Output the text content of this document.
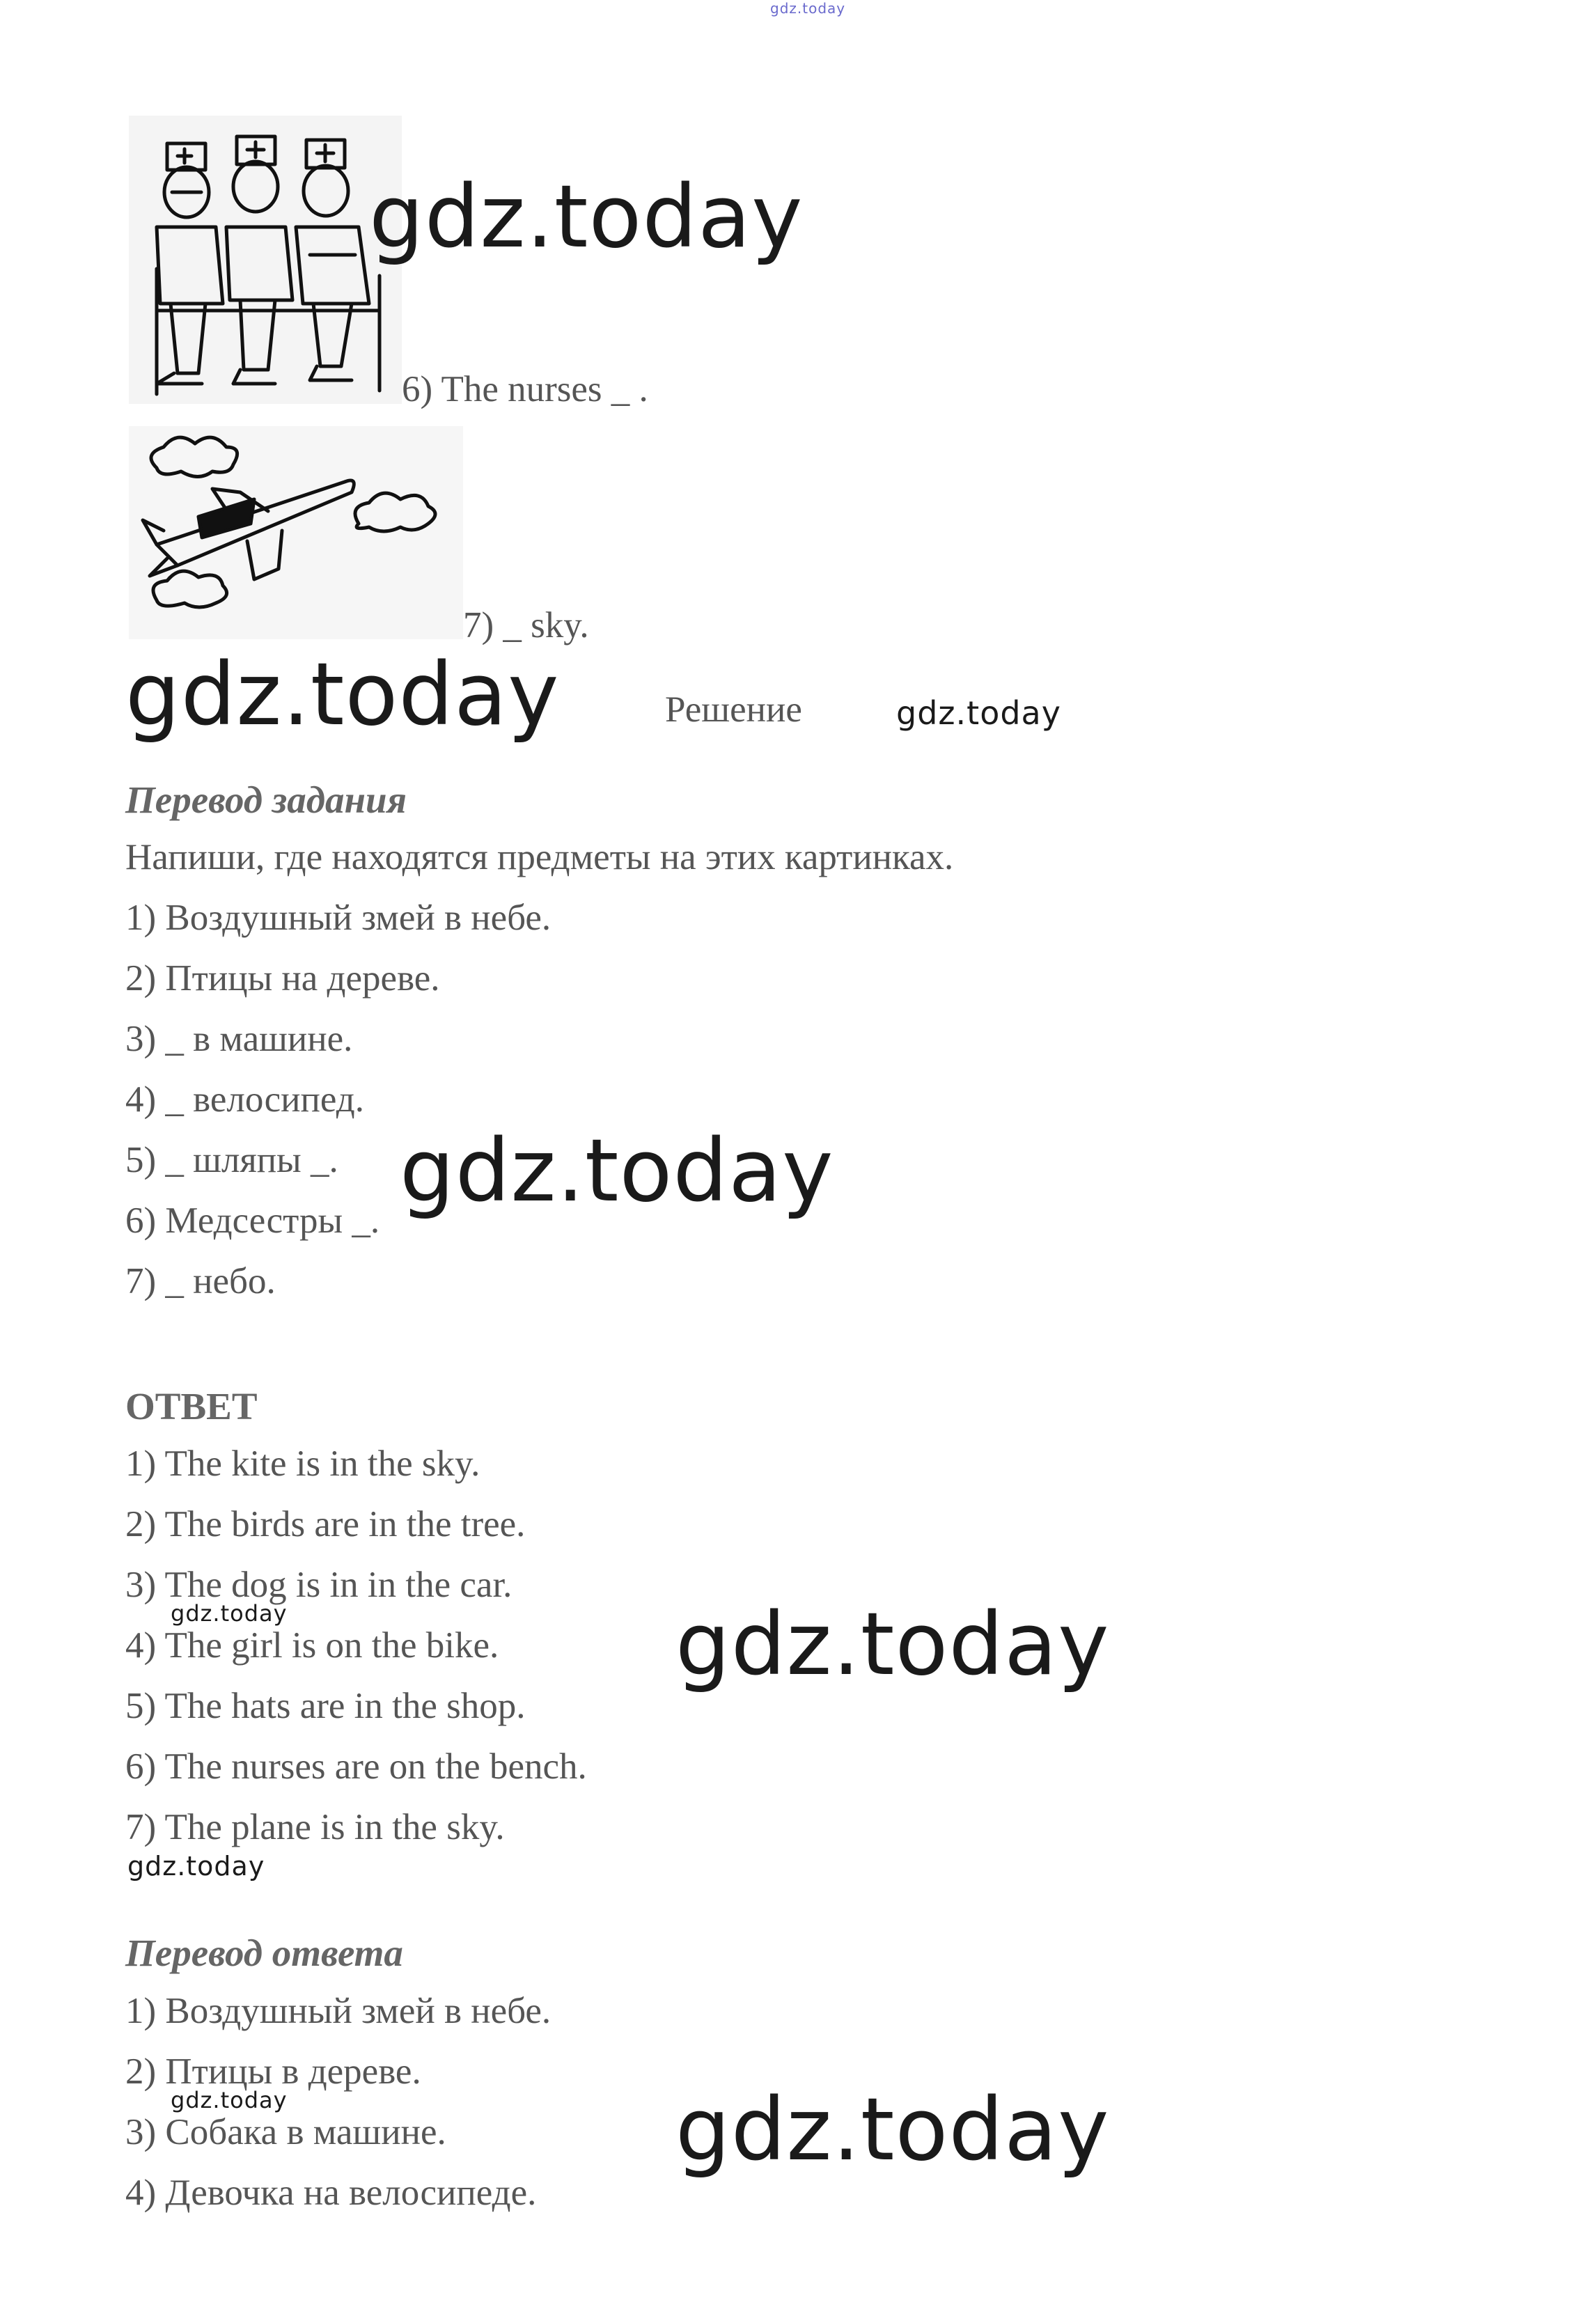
gdz.today
gdz.today
6) The nurses _ .
7) _ sky.
gdz.today	Решение	gdz.today
Перевод задания
Напиши, где находятся предметы на этих картинках.
1) Воздушный змей в небе.
2) Птицы на дереве.
3) _ в машине.
4) _ велосипед.
5) _ шляпы _.
6) Медсестры _.
7) _ небо.
gdz.today
ОТВЕТ
1) The kite is in the sky.
2) The birds are in the tree.
3) The dog is in in the car.
gdz.today
4) The girl is on the bike.
5) The hats are in the shop.
6) The nurses are on the bench.
7) The plane is in the sky.
gdz.today
gdz.today
Перевод ответа
1) Воздушный змей в небе.
2) Птицы в дереве.
gdz.today
3) Собака в машине.
4) Девочка на велосипеде.
gdz.today
